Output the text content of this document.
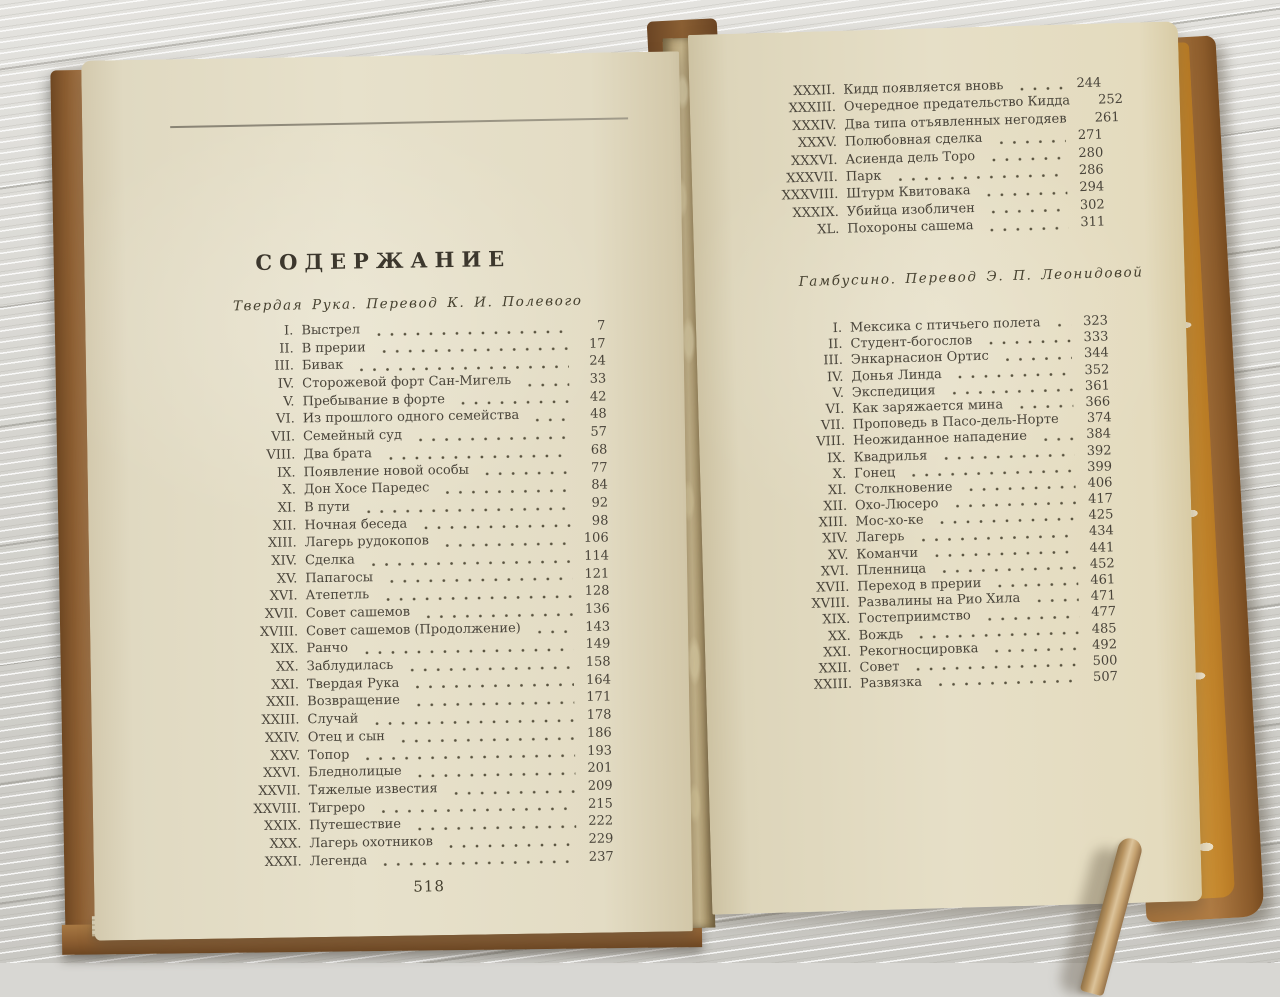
СОДЕРЖАНИЕ
Твердая Рука. Перевод К. И. Полевого
I. Выстрел	7
II. В прерии	17
III. Бивак	24
IV. Сторожевой форт Сан-Мигель	33
V. Пребывание в форте	42
VI. Из прошлого одного семейства	48
VII. Семейный суд	57
VIII. Два брата	68
IX. Появление новой особы	77
X. Дон Хосе Паредес	84
XI. В пути	92
XII. Ночная беседа	98
XIII. Лагерь рудокопов	106
XIV. Сделка	114
XV. Папагосы	121
XVI. Атепетль	128
XVII. Совет сашемов	136
XVIII. Совет сашемов (Продолжение)	143
XIX. Ранчо	149
XX. Заблудилась	158
XXI. Твердая Рука	164
XXII. Возвращение	171
XXIII. Случай	178
XXIV. Отец и сын	186
XXV. Топор	193
XXVI. Бледнолицые	201
XXVII. Тяжелые известия	209
XXVIII. Тигреро	215
XXIX. Путешествие	222
XXX. Лагерь охотников	229
XXXI. Легенда	237
518
XXXII. Кидд появляется вновь	244
XXXIII. Очередное предательство Кидда	252
XXXIV. Два типа отъявленных негодяев	261
XXXV. Полюбовная сделка	271
XXXVI. Асиенда дель Торо	280
XXXVII. Парк	286
XXXVIII. Штурм Квитовака	294
XXXIX. Убийца изобличен	302
XL. Похороны сашема	311
Гамбусино. Перевод Э. П. Леонидовой
I. Мексика с птичьего полета	323
II. Студент-богослов	333
III. Энкарнасион Ортис	344
IV. Донья Линда	352
V. Экспедиция	361
VI. Как заряжается мина	366
VII. Проповедь в Пасо-дель-Норте	374
VIII. Неожиданное нападение	384
IX. Квадрилья	392
X. Гонец	399
XI. Столкновение	406
XII. Охо-Люсеро	417
XIII. Мос-хо-ке	425
XIV. Лагерь	434
XV. Команчи	441
XVI. Пленница	452
XVII. Переход в прерии	461
XVIII. Развалины на Рио Хила	471
XIX. Гостеприимство	477
XX. Вождь	485
XXI. Рекогносцировка	492
XXII. Совет	500
XXIII. Развязка	507
